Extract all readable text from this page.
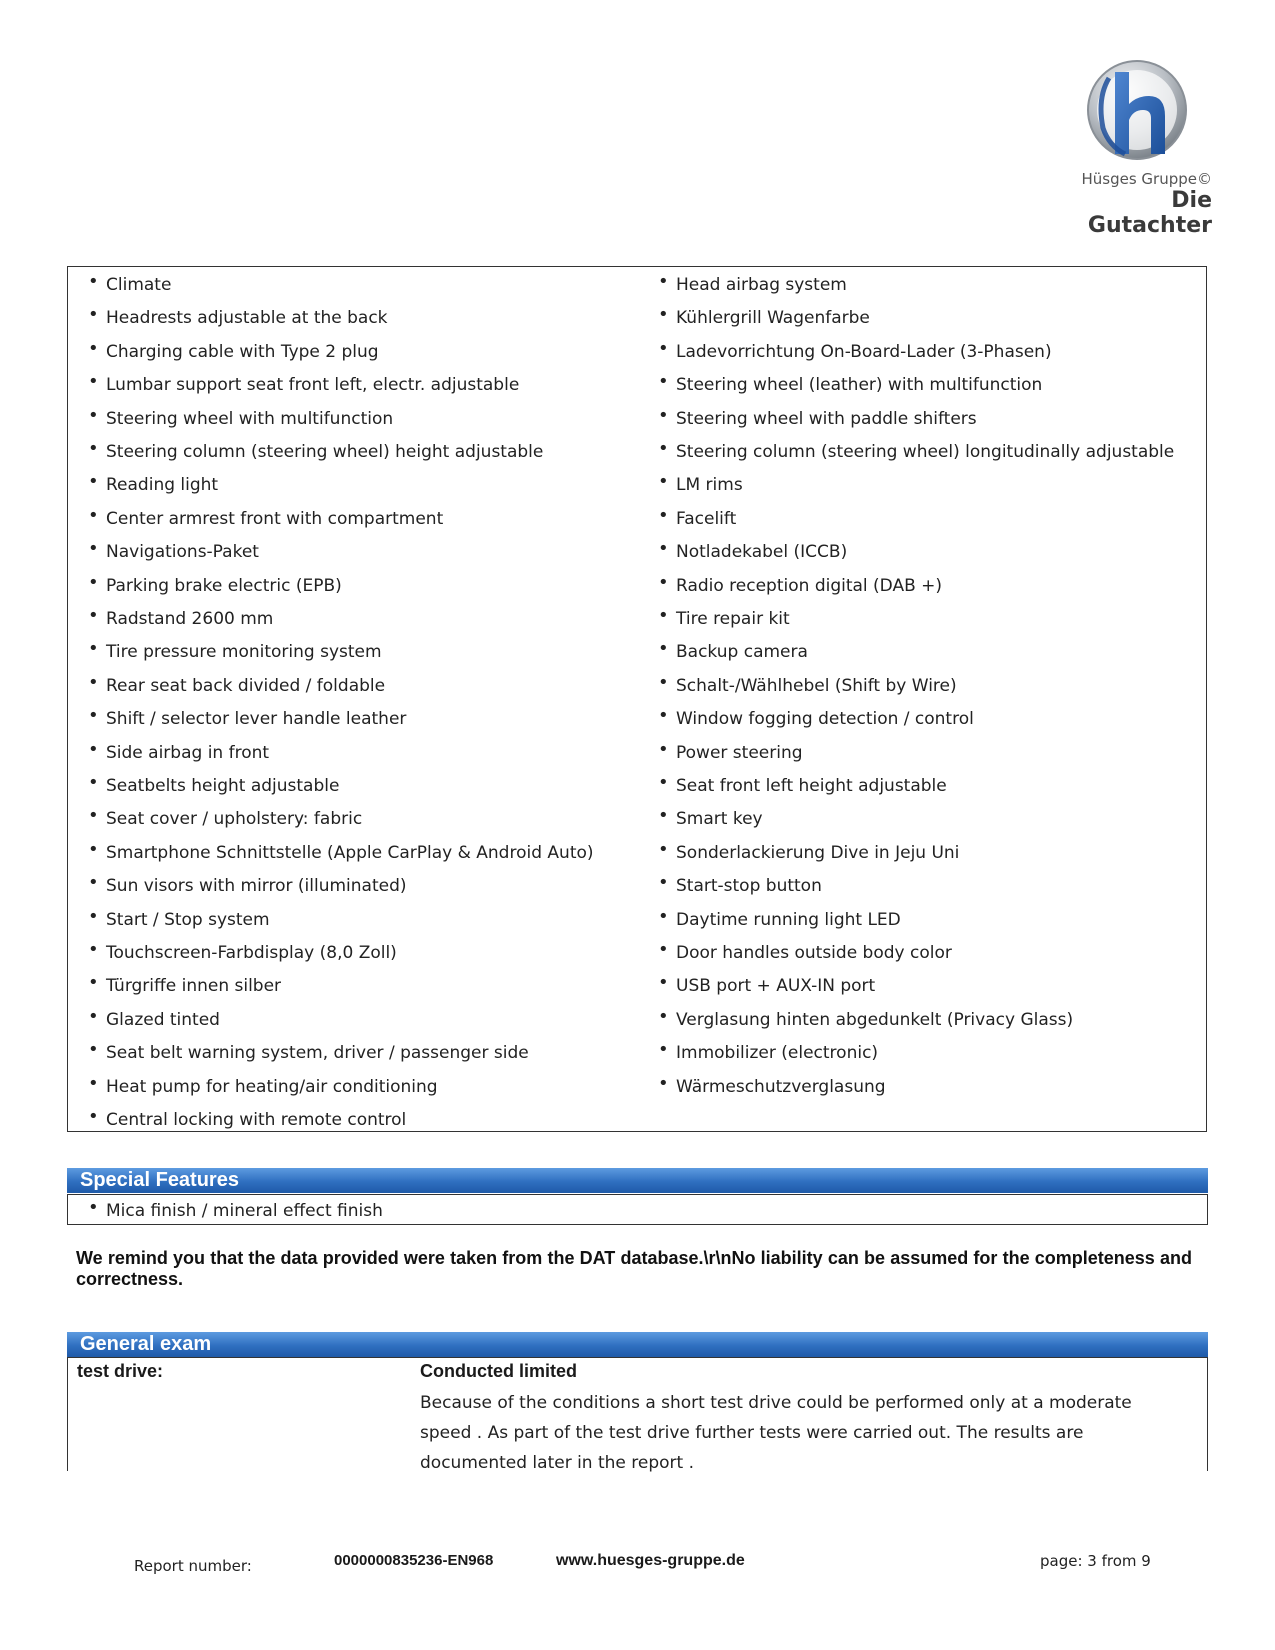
Hüsges Gruppe©
Die Gutachter
• Climate
• Headrests adjustable at the back
• Charging cable with Type 2 plug
• Lumbar support seat front left, electr. adjustable
• Steering wheel with multifunction
• Steering column (steering wheel) height adjustable
• Reading light
• Center armrest front with compartment
• Navigations-Paket
• Parking brake electric (EPB)
• Radstand 2600 mm
• Tire pressure monitoring system
• Rear seat back divided / foldable
• Shift / selector lever handle leather
• Side airbag in front
• Seatbelts height adjustable
• Seat cover / upholstery: fabric
• Smartphone Schnittstelle (Apple CarPlay & Android Auto)
• Sun visors with mirror (illuminated)
• Start / Stop system
• Touchscreen-Farbdisplay (8,0 Zoll)
• Türgriffe innen silber
• Glazed tinted
• Seat belt warning system, driver / passenger side
• Heat pump for heating/air conditioning
• Central locking with remote control
• Head airbag system
• Kühlergrill Wagenfarbe
• Ladevorrichtung On-Board-Lader (3-Phasen)
• Steering wheel (leather) with multifunction
• Steering wheel with paddle shifters
• Steering column (steering wheel) longitudinally adjustable
• LM rims
• Facelift
• Notladekabel (ICCB)
• Radio reception digital (DAB +)
• Tire repair kit
• Backup camera
• Schalt-/Wählhebel (Shift by Wire)
• Window fogging detection / control
• Power steering
• Seat front left height adjustable
• Smart key
• Sonderlackierung Dive in Jeju Uni
• Start-stop button
• Daytime running light LED
• Door handles outside body color
• USB port + AUX-IN port
• Verglasung hinten abgedunkelt (Privacy Glass)
• Immobilizer (electronic)
• Wärmeschutzverglasung
Special Features
• Mica finish / mineral effect finish
We remind you that the data provided were taken from the DAT database.\r\nNo liability can be assumed for the completeness and correctness.
General exam
test drive:	Conducted limited
Because of the conditions a short test drive could be performed only at a moderate speed . As part of the test drive further tests were carried out. The results are documented later in the report .
Report number:	0000000835236-EN968	www.huesges-gruppe.de	page: 3 from 9
